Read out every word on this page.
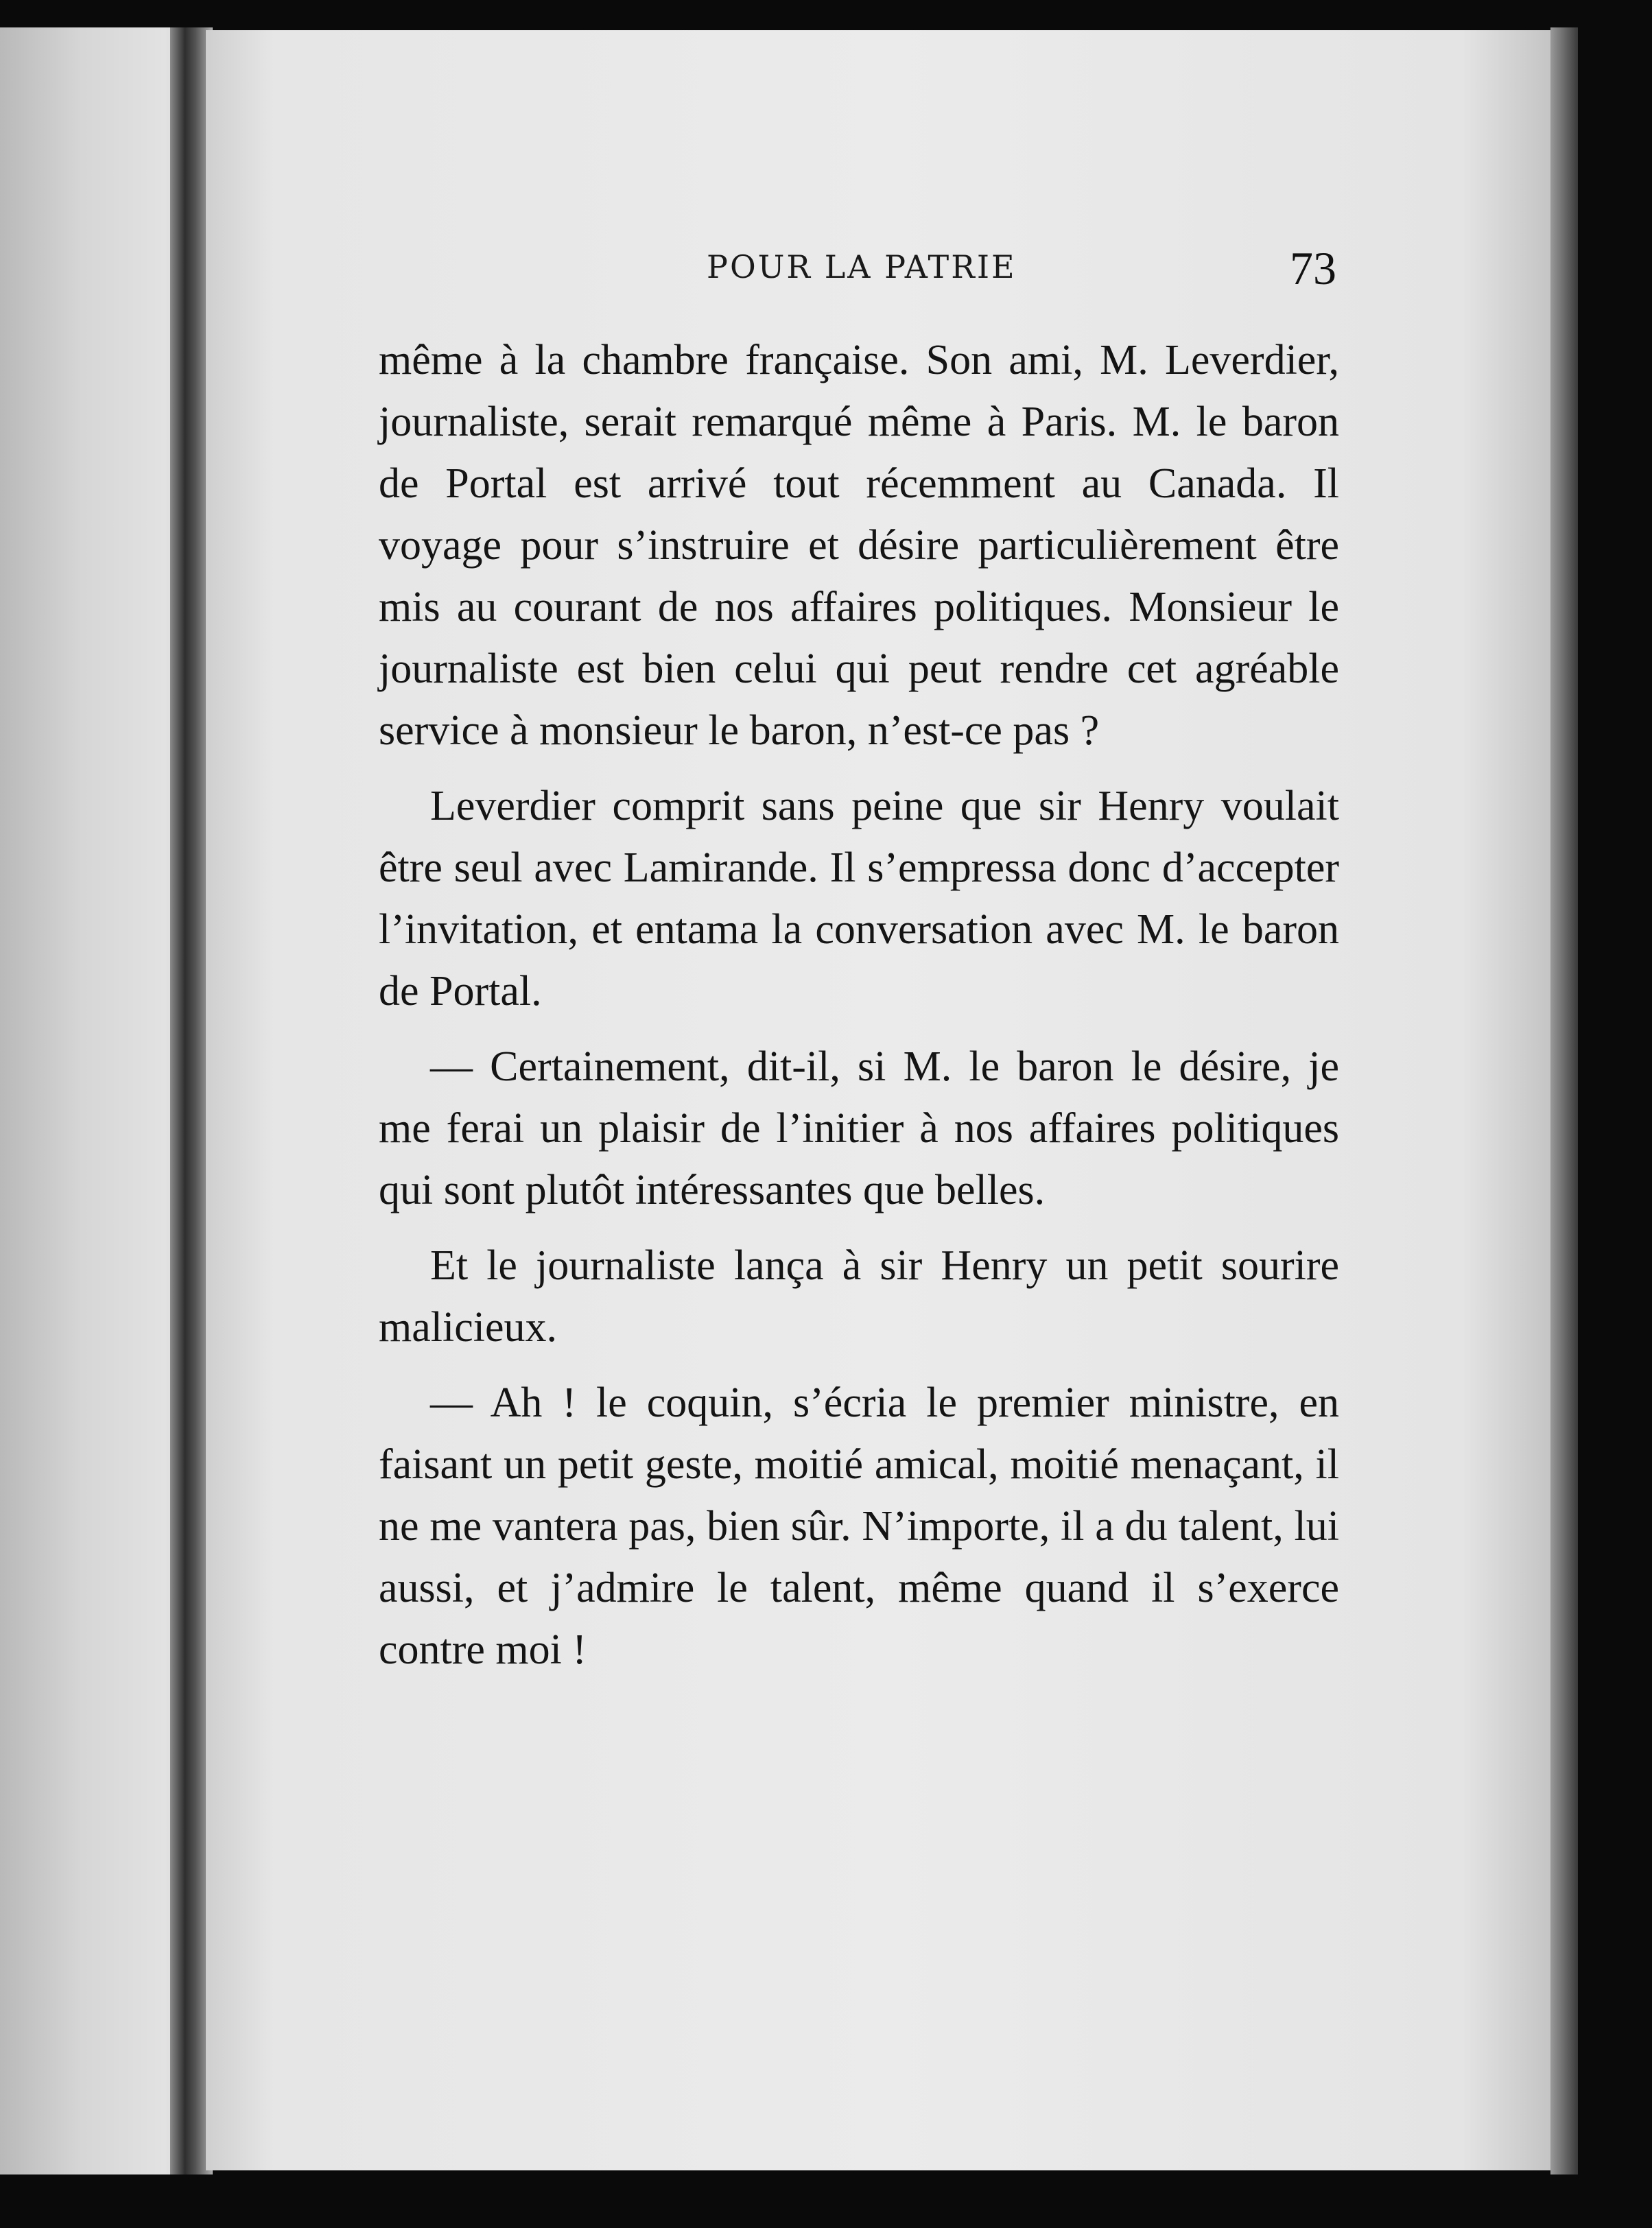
POUR LA PATRIE	73

même à la chambre française. Son ami, M. Leverdier, journaliste, serait remarqué même à Paris. M. le baron de Portal est arrivé tout récemment au Canada. Il voyage pour s’instruire et désire particulièrement être mis au courant de nos affaires politiques. Monsieur le journaliste est bien celui qui peut rendre cet agréable service à monsieur le baron, n’est-ce pas ?

Leverdier comprit sans peine que sir Henry voulait être seul avec Lamirande. Il s’empressa donc d’accepter l’invitation, et entama la conversation avec M. le baron de Portal.

— Certainement, dit-il, si M. le baron le désire, je me ferai un plaisir de l’initier à nos affaires politiques qui sont plutôt intéressantes que belles.

Et le journaliste lança à sir Henry un petit sourire malicieux.

— Ah ! le coquin, s’écria le premier ministre, en faisant un petit geste, moitié amical, moitié menaçant, il ne me vantera pas, bien sûr. N’importe, il a du talent, lui aussi, et j’admire le talent, même quand il s’exerce contre moi !
